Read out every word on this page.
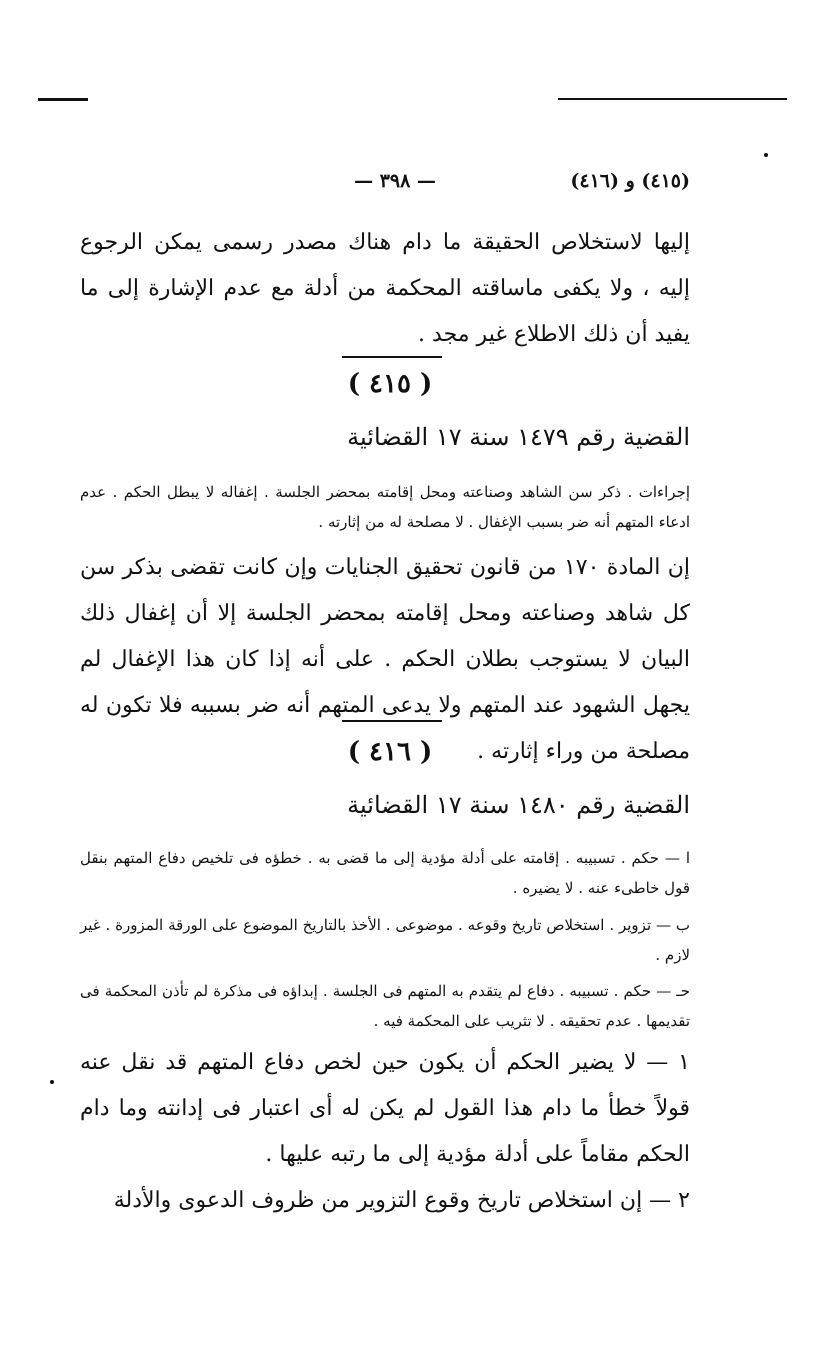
— ٣٩٨ —	(٤١٥) و (٤١٦)
إليها لاستخلاص الحقيقة ما دام هناك مصدر رسمى يمكن الرجوع إليه ، ولا يكفى ماساقته المحكمة من أدلة مع عدم الإشارة إلى ما يفيد أن ذلك الاطلاع غير مجد .
( ٤١٥ )
القضية رقم ١٤٧٩ سنة ١٧ القضائية
إجراءات . ذكر سن الشاهد وصناعته ومحل إقامته بمحضر الجلسة . إغفاله لا يبطل الحكم . عدم ادعاء المتهم أنه ضر بسبب الإغفال . لا مصلحة له من إثارته .
إن المادة ١٧٠ من قانون تحقيق الجنايات وإن كانت تقضى بذكر سن كل شاهد وصناعته ومحل إقامته بمحضر الجلسة إلا أن إغفال ذلك البيان لا يستوجب بطلان الحكم . على أنه إذا كان هذا الإغفال لم يجهل الشهود عند المتهم ولا يدعى المتهم أنه ضر بسببه فلا تكون له مصلحة من وراء إثارته .
( ٤١٦ )
القضية رقم ١٤٨٠ سنة ١٧ القضائية
ا — حكم . تسبيبه . إقامته على أدلة مؤدية إلى ما قضى به . خطؤه فى تلخيص دفاع المتهم بنقل قول خاطىء عنه . لا يضيره .
ب — تزوير . استخلاص تاريخ وقوعه . موضوعى . الأخذ بالتاريخ الموضوع على الورقة المزورة . غير لازم .
حـ — حكم . تسبيبه . دفاع لم يتقدم به المتهم فى الجلسة . إبداؤه فى مذكرة لم تأذن المحكمة فى تقديمها . عدم تحقيقه . لا تثريب على المحكمة فيه .
١ — لا يضير الحكم أن يكون حين لخص دفاع المتهم قد نقل عنه قولاً خطأ ما دام هذا القول لم يكن له أى اعتبار فى إدانته وما دام الحكم مقاماً على أدلة مؤدية إلى ما رتبه عليها .
٢ — إن استخلاص تاريخ وقوع التزوير من ظروف الدعوى والأدلة
